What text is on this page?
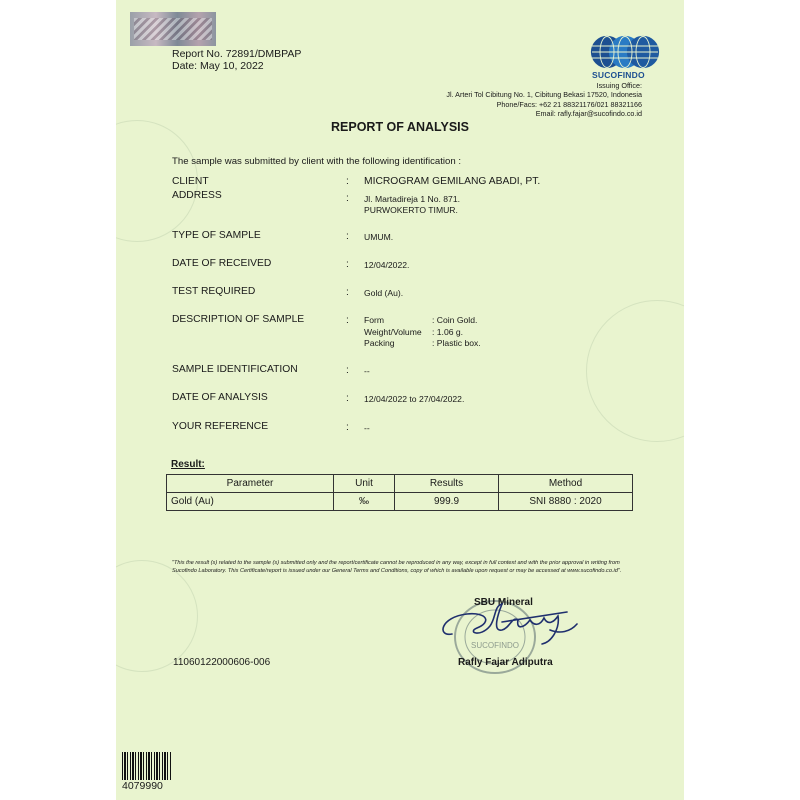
Report No. 72891/DMBPAP
Date: May 10, 2022
SUCOFINDO
Issuing Office:
Jl. Arteri Tol Cibitung No. 1, Cibitung Bekasi 17520, Indonesia
Phone/Facs: +62 21 88321176/021 88321166
Email: rafly.fajar@sucofindo.co.id
REPORT OF ANALYSIS
The sample was submitted by client with the following identification :
CLIENT	: MICROGRAM GEMILANG ABADI, PT.
ADDRESS	: Jl. Martadireja 1 No. 871.
PURWOKERTO TIMUR.
TYPE OF SAMPLE	: UMUM.
DATE OF RECEIVED	: 12/04/2022.
TEST REQUIRED	: Gold (Au).
DESCRIPTION OF SAMPLE	: Form	: Coin Gold.
Weight/Volume : 1.06 g.
Packing	: Plastic box.
SAMPLE IDENTIFICATION	: --
DATE OF ANALYSIS	: 12/04/2022 to 27/04/2022.
YOUR REFERENCE	: --
Result:
Parameter	Unit	Results	Method
Gold (Au)	‰	999.9	SNI 8880 : 2020
"This the result (s) related to the sample (s) submitted only and the report/certificate cannot be reproduced in any way, except in full context and with the prior approval in writing from Sucofindo Laboratory. This Certificate/report is issued under our General Terms and Conditions, copy of which is available upon request or may be accessed at www.sucofindo.co.id".
SUCOFINDO
SBU Mineral
11060122000606-006	Rafly Fajar Adiputra
4079990
